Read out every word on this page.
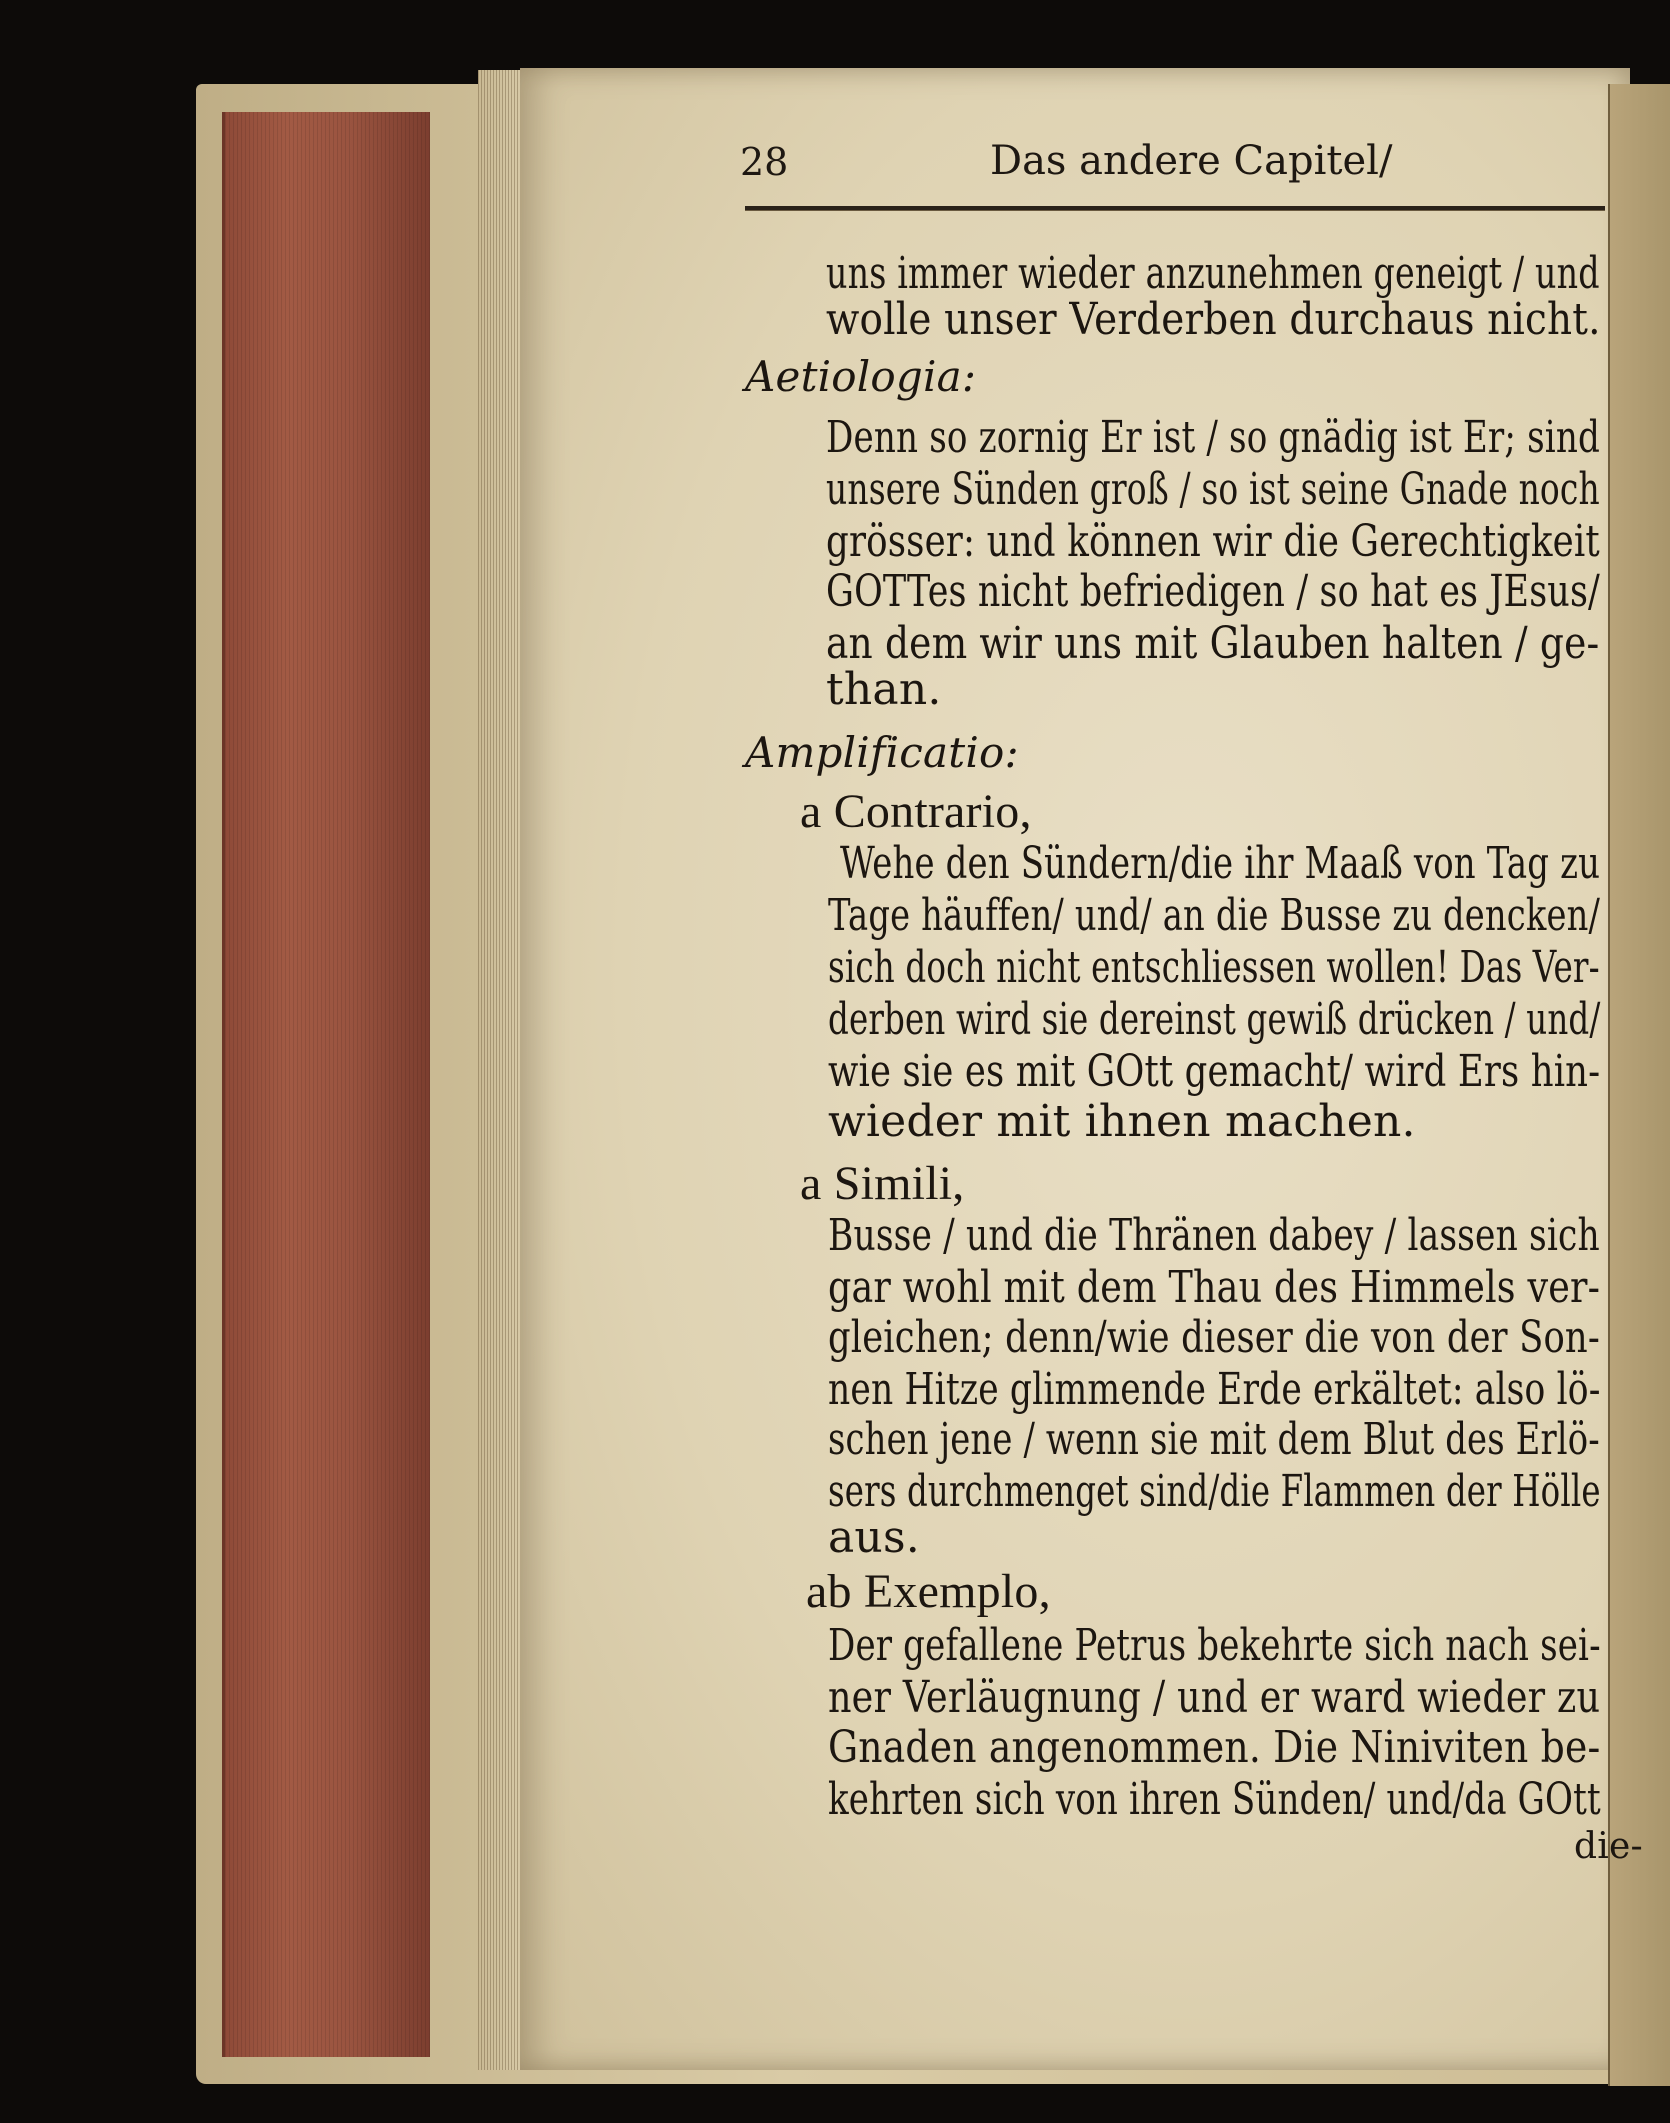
28	Das andere Capitel/
uns immer wieder anzunehmen geneigt / und
wolle unser Verderben durchaus nicht.
Aetiologia:
Denn so zornig Er ist / so gnädig ist Er; sind
unsere Sünden groß / so ist seine Gnade noch
grösser: und können wir die Gerechtigkeit
GOTTes nicht befriedigen / so hat es JEsus/
an dem wir uns mit Glauben halten / ge-
than.
Amplificatio:
a Contrario,
Wehe den Sündern/die ihr Maaß von Tag zu
Tage häuffen/ und/ an die Busse zu dencken/
sich doch nicht entschliessen wollen! Das Ver-
derben wird sie dereinst gewiß drücken / und/
wie sie es mit GOtt gemacht/ wird Ers hin-
wieder mit ihnen machen.
a Simili,
Busse / und die Thränen dabey / lassen sich
gar wohl mit dem Thau des Himmels ver-
gleichen; denn/wie dieser die von der Son-
nen Hitze glimmende Erde erkältet: also lö-
schen jene / wenn sie mit dem Blut des Erlö-
sers durchmenget sind/die Flammen der Hölle
aus.
ab Exemplo,
Der gefallene Petrus bekehrte sich nach sei-
ner Verläugnung / und er ward wieder zu
Gnaden angenommen. Die Niniviten be-
kehrten sich von ihren Sünden/ und/da GOtt
die-
